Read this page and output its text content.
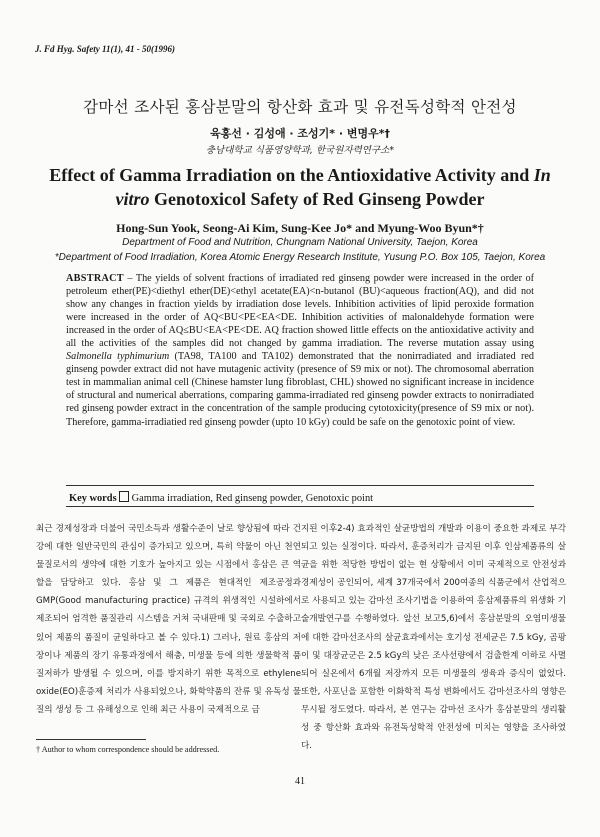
J. Fd Hyg. Safety 11(1), 41 - 50(1996)
감마선 조사된 홍삼분말의 항산화 효과 및 유전독성학적 안전성
육홍선 · 김성애 · 조성기* · 변명우*†
충남대학교 식품영양학과, 한국원자력연구소*
Effect of Gamma Irradiation on the Antioxidative Activity and In vitro Genotoxicol Safety of Red Ginseng Powder
Hong-Sun Yook, Seong-Ai Kim, Sung-Kee Jo* and Myung-Woo Byun*†
Department of Food and Nutrition, Chungnam National University, Taejon, Korea
*Department of Food Irradiation, Korea Atomic Energy Research Institute, Yusung P.O. Box 105, Taejon, Korea
ABSTRACT – The yields of solvent fractions of irradiated red ginseng powder were increased in the order of petroleum ether(PE)<diethyl ether(DE)<ethyl acetate(EA)<n-butanol (BU)<aqueous fraction(AQ), and did not show any changes in fraction yields by irradiation dose levels. Inhibition activities of lipid peroxide formation were increased in the order of AQ<BU<PE<EA<DE. Inhibition activities of malonaldehyde formation were increased in the order of AQ≤BU<EA<PE<DE. AQ fraction showed little effects on the antioxidative activity and all the activities of the samples did not changed by gamma irradiation. The reverse mutation assay using Salmonella typhimurium (TA98, TA100 and TA102) demonstrated that the nonirradiated and irradiated red ginseng powder extract did not have mutagenic activity (presence of S9 mix or not). The chromosomal aberration test in mammalian animal cell (Chinese hamster lung fibroblast, CHL) showed no significant increase in incidence of structural and numerical aberrations, comparing gamma-irradiated red ginseng powder extracts to nonirradiated red ginseng powder extract in the concentration of the sample producing cytotoxicity(presence of S9 mix or not). Therefore, gamma-irradiatied red ginseng powder (upto 10 kGy) could be safe on the genotoxic point of view.
Key words Gamma irradiation, Red ginseng powder, Genotoxic point
최근 경제성장과 더불어 국민소득과 생활수준이 날로 향상됨에 따라 건강에 대한 일반국민의 관심이 증가되고 있으며, 특히 약물이 아닌 천연물질로서의 생약에 대한 기호가 높아지고 있는 시점에서 홍삼은 큰 역할을 담당하고 있다. 홍삼 및 그 제품은 현대적인 제조공정과 GMP(Good manufacturing practice) 규격의 위생적인 시설하에서 제조되어 엄격한 품질관리 시스템을 거쳐 국내판매 및 국외로 수출하고 있어 제품의 품질이 균일하다고 볼 수 있다.1) 그러나, 원료 홍삼의 저장이나 제품의 장기 유통과정에서 해충, 미생물 등에 의한 생물학적 품질저하가 발생될 수 있으며, 이를 방지하기 위한 목적으로 ethylene oxide(EO)훈증제 처리가 사용되었으나, 화학약품의 잔류 및 유독성 물질의 생성 등 그 유해성으로 인해 최근 사용이 국제적으로 금
지된 이후2-4) 효과적인 살균방법의 개발과 이용이 중요한 과제로 부각되고 있는 실정이다. 따라서, 훈증처리가 금지된 이후 인삼제품류의 살균을 위한 적당한 방법이 없는 현 상황에서 이미 국제적으로 안전성과 경제성이 공인되어, 세계 37개국에서 200여종의 식품군에서 산업적으로 사용되고 있는 감마선 조사기법을 이용하여 홍삼제품류의 위생화 기술개발연구를 수행하였다. 앞선 보고5,6)에서 홍삼분말의 오염미생물에 대한 감마선조사의 살균효과에서는 호기성 전세균은 7.5 kGy, 곰팡이 및 대장균군은 2.5 kGy의 낮은 조사선량에서 검출한계 이하로 사멸되어 실온에서 6개월 저장까지 모든 미생물의 생육과 증식이 없었다. 또한, 사포닌을 포함한 이화학적 특성 변화에서도 감마선조사의 영향은 무시될 정도였다. 따라서, 본 연구는 감마선 조사가 홍삼분말의 생리활성 중 항산화 효과와 유전독성학적 안전성에 미치는 영향을 조사하였다.
† Author to whom correspondence should be addressed.
41
